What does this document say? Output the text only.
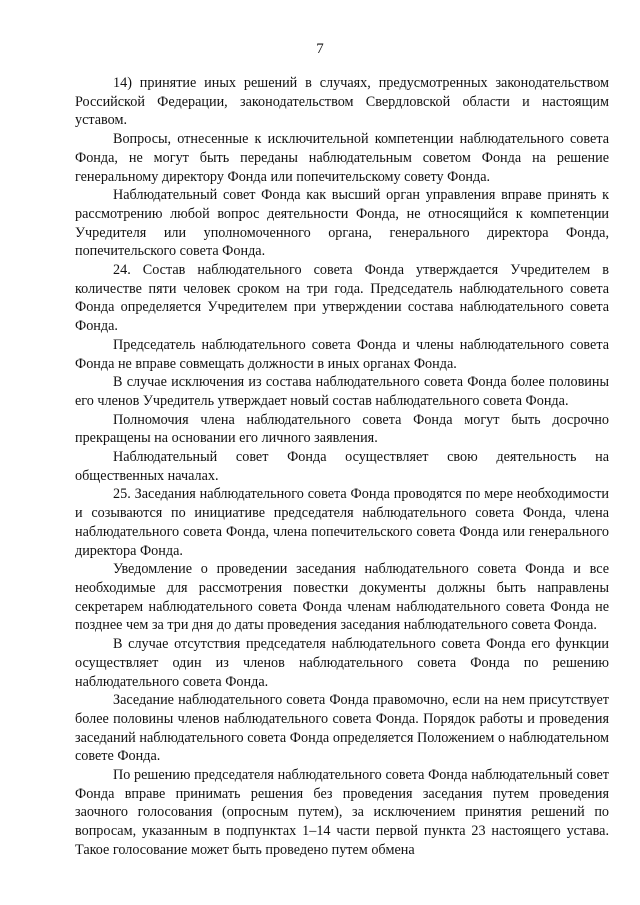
7

14) принятие иных решений в случаях, предусмотренных законодательством Российской Федерации, законодательством Свердловской области и настоящим уставом.

Вопросы, отнесенные к исключительной компетенции наблюдательного совета Фонда, не могут быть переданы наблюдательным советом Фонда на решение генеральному директору Фонда или попечительскому совету Фонда.

Наблюдательный совет Фонда как высший орган управления вправе принять к рассмотрению любой вопрос деятельности Фонда, не относящийся к компетенции Учредителя или уполномоченного органа, генерального директора Фонда, попечительского совета Фонда.

24. Состав наблюдательного совета Фонда утверждается Учредителем в количестве пяти человек сроком на три года. Председатель наблюдательного совета Фонда определяется Учредителем при утверждении состава наблюдательного совета Фонда.

Председатель наблюдательного совета Фонда и члены наблюдательного совета Фонда не вправе совмещать должности в иных органах Фонда.

В случае исключения из состава наблюдательного совета Фонда более половины его членов Учредитель утверждает новый состав наблюдательного совета Фонда.

Полномочия члена наблюдательного совета Фонда могут быть досрочно прекращены на основании его личного заявления.

Наблюдательный совет Фонда осуществляет свою деятельность на общественных началах.

25. Заседания наблюдательного совета Фонда проводятся по мере необходимости и созываются по инициативе председателя наблюдательного совета Фонда, члена наблюдательного совета Фонда, члена попечительского совета Фонда или генерального директора Фонда.

Уведомление о проведении заседания наблюдательного совета Фонда и все необходимые для рассмотрения повестки документы должны быть направлены секретарем наблюдательного совета Фонда членам наблюдательного совета Фонда не позднее чем за три дня до даты проведения заседания наблюдательного совета Фонда.

В случае отсутствия председателя наблюдательного совета Фонда его функции осуществляет один из членов наблюдательного совета Фонда по решению наблюдательного совета Фонда.

Заседание наблюдательного совета Фонда правомочно, если на нем присутствует более половины членов наблюдательного совета Фонда. Порядок работы и проведения заседаний наблюдательного совета Фонда определяется Положением о наблюдательном совете Фонда.

По решению председателя наблюдательного совета Фонда наблюдательный совет Фонда вправе принимать решения без проведения заседания путем проведения заочного голосования (опросным путем), за исключением принятия решений по вопросам, указанным в подпунктах 1–14 части первой пункта 23 настоящего устава. Такое голосование может быть проведено путем обмена
